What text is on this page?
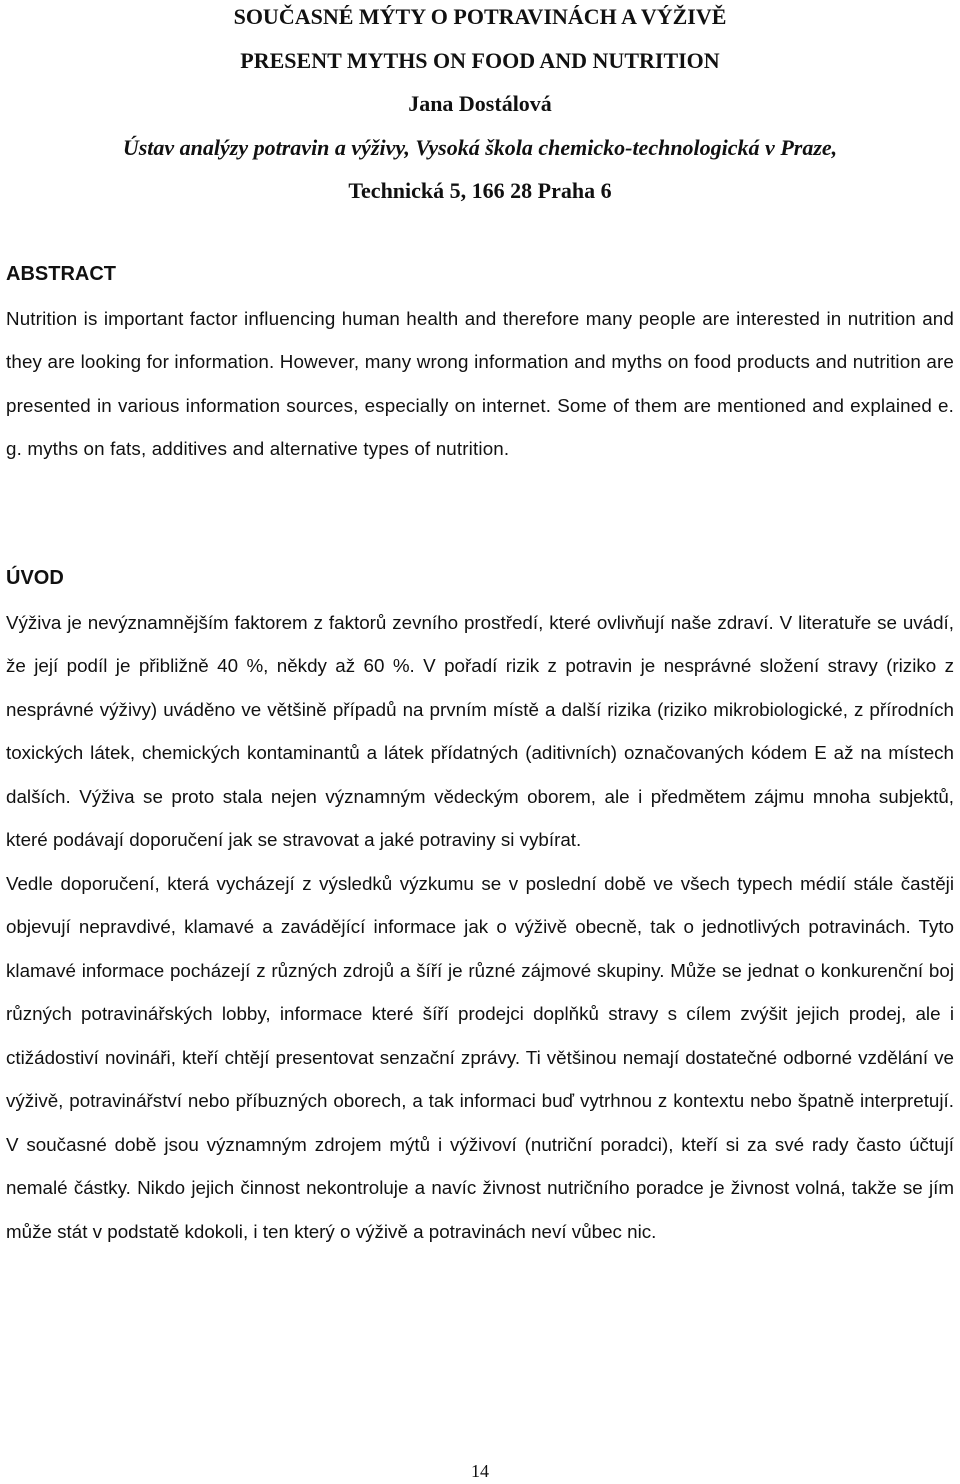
SOUČASNÉ MÝTY O POTRAVINÁCH A VÝŽIVĚ
PRESENT MYTHS ON FOOD AND NUTRITION
Jana Dostálová
Ústav analýzy potravin a výživy, Vysoká škola chemicko-technologická v Praze,
Technická 5, 166 28 Praha 6
ABSTRACT

Nutrition is important factor influencing human health and therefore many people are interested in nutrition and they are looking for information. However, many wrong information and myths on food products and nutrition are presented in various information sources, especially on internet. Some of them are mentioned and explained e. g. myths on fats, additives and alternative types of nutrition.

ÚVOD

Výživa je nevýznamnějším faktorem z faktorů zevního prostředí, které ovlivňují naše zdraví. V literatuře se uvádí, že její podíl je přibližně 40 %, někdy až 60 %. V pořadí rizik z potravin je nesprávné složení stravy (riziko z nesprávné výživy) uváděno ve většině případů na prvním místě a další rizika (riziko mikrobiologické, z přírodních toxických látek, chemických kontaminantů a látek přídatných (aditivních) označovaných kódem E až na místech dalších. Výživa se proto stala nejen významným vědeckým oborem, ale i předmětem zájmu mnoha subjektů, které podávají doporučení jak se stravovat a jaké potraviny si vybírat.

Vedle doporučení, která vycházejí z výsledků výzkumu se v poslední době ve všech typech médií stále častěji objevují nepravdivé, klamavé a zavádějící informace jak o výživě obecně, tak o jednotlivých potravinách. Tyto klamavé informace pocházejí z různých zdrojů a šíří je různé zájmové skupiny. Může se jednat o konkurenční boj různých potravinářských lobby, informace které šíří prodejci doplňků stravy s cílem zvýšit jejich prodej, ale i ctižádostiví novináři, kteří chtějí presentovat senzační zprávy. Ti většinou nemají dostatečné odborné vzdělání ve výživě, potravinářství nebo příbuzných oborech, a tak informaci buď vytrhnou z kontextu nebo špatně interpretují. V současné době jsou významným zdrojem mýtů i výživoví (nutriční poradci), kteří si za své rady často účtují nemalé částky. Nikdo jejich činnost nekontroluje a navíc živnost nutričního poradce je živnost volná, takže se jím může stát v podstatě kdokoli, i ten který o výživě a potravinách neví vůbec nic.

14
